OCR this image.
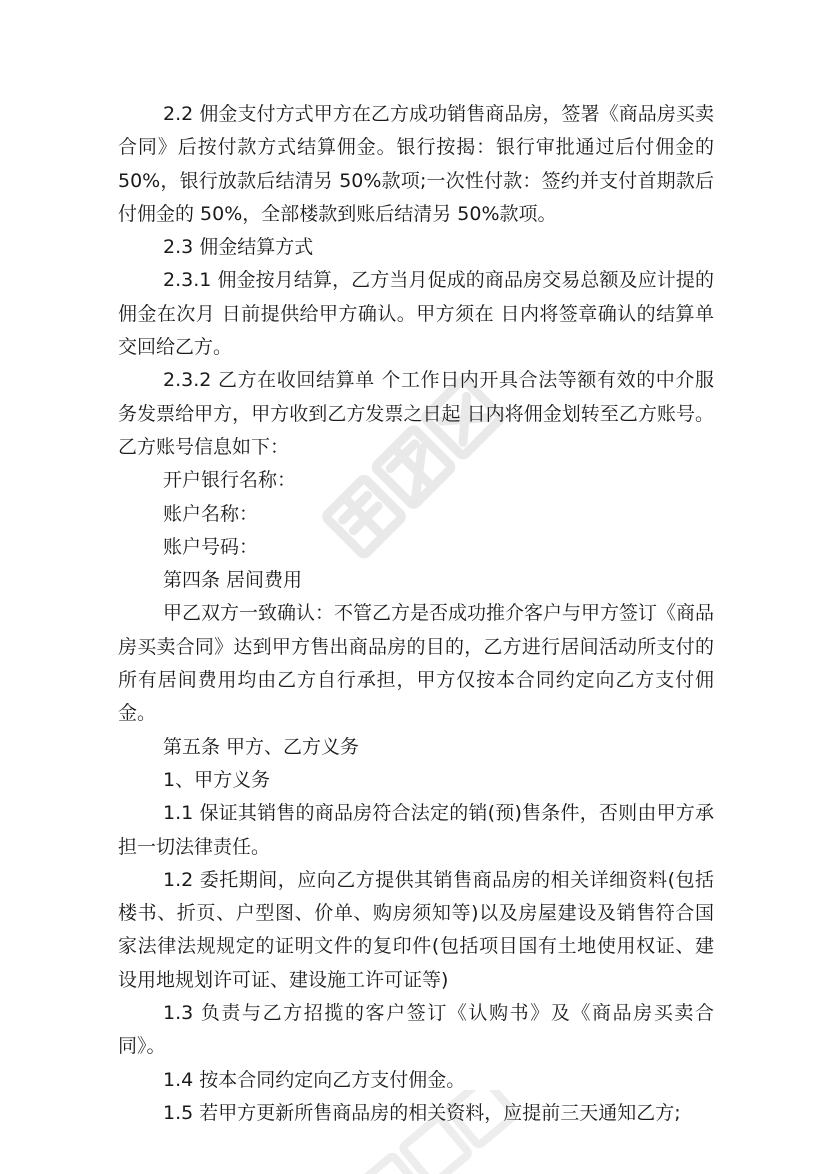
2.2 佣金支付方式甲方在乙方成功销售商品房，签署《商品房买卖合同》后按付款方式结算佣金。银行按揭：银行审批通过后付佣金的50%，银行放款后结清另 50%款项;一次性付款：签约并支付首期款后付佣金的 50%，全部楼款到账后结清另 50%款项。

2.3 佣金结算方式

2.3.1 佣金按月结算，乙方当月促成的商品房交易总额及应计提的佣金在次月 日前提供给甲方确认。甲方须在 日内将签章确认的结算单交回给乙方。

2.3.2 乙方在收回结算单 个工作日内开具合法等额有效的中介服务发票给甲方，甲方收到乙方发票之日起 日内将佣金划转至乙方账号。乙方账号信息如下：

开户银行名称：

账户名称：

账户号码：

第四条 居间费用

甲乙双方一致确认：不管乙方是否成功推介客户与甲方签订《商品房买卖合同》达到甲方售出商品房的目的，乙方进行居间活动所支付的所有居间费用均由乙方自行承担，甲方仅按本合同约定向乙方支付佣金。

第五条 甲方、乙方义务

1、甲方义务

1.1 保证其销售的商品房符合法定的销(预)售条件，否则由甲方承担一切法律责任。

1.2 委托期间，应向乙方提供其销售商品房的相关详细资料(包括楼书、折页、户型图、价单、购房须知等)以及房屋建设及销售符合国家法律法规规定的证明文件的复印件(包括项目国有土地使用权证、建设用地规划许可证、建设施工许可证等)

1.3 负责与乙方招揽的客户签订《认购书》及《商品房买卖合同》。

1.4 按本合同约定向乙方支付佣金。

1.5 若甲方更新所售商品房的相关资料，应提前三天通知乙方;
